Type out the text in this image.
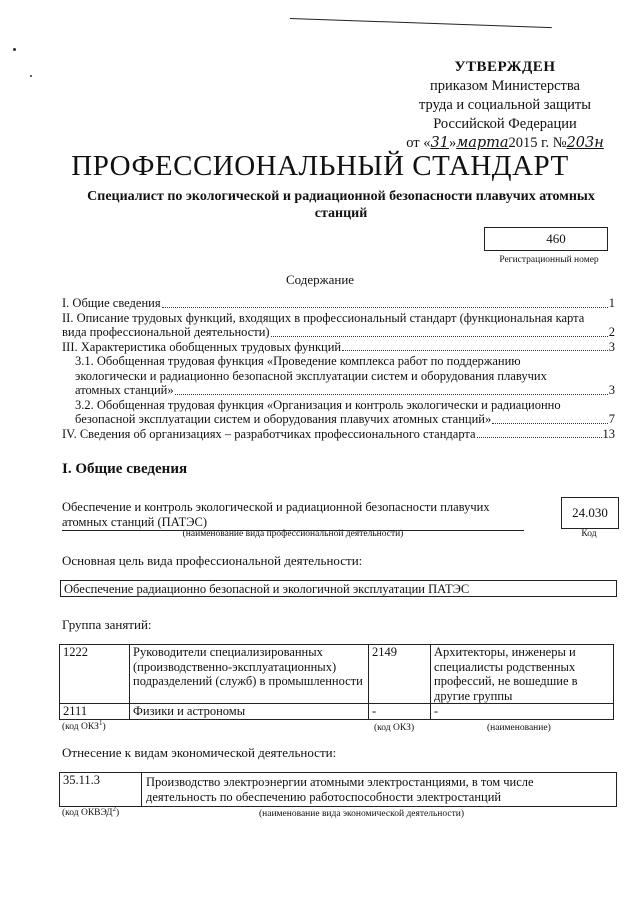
УТВЕРЖДЕН
приказом Министерства
труда и социальной защиты
Российской Федерации
от «31»марта2015 г. №203н
ПРОФЕССИОНАЛЬНЫЙ СТАНДАРТ
Специалист по экологической и радиационной безопасности плавучих атомных станций
460
Регистрационный номер
Содержание
I. Общие сведения	1
II. Описание трудовых функций, входящих в профессиональный стандарт (функциональная карта
вида профессиональной деятельности)	2
III. Характеристика обобщенных трудовых функций	3
3.1. Обобщенная трудовая функция «Проведение комплекса работ по поддержанию
экологически и радиационно безопасной эксплуатации систем и оборудования плавучих
атомных станций»	3
3.2. Обобщенная трудовая функция «Организация и контроль экологически и радиационно
безопасной эксплуатации систем и оборудования плавучих атомных станций»	7
IV. Сведения об организациях – разработчиках профессионального стандарта	13
I. Общие сведения
Обеспечение и контроль экологической и радиационной безопасности плавучих атомных станций (ПАТЭС)
24.030
(наименование вида профессиональной деятельности)	Код
Основная цель вида профессиональной деятельности:
Обеспечение радиационно безопасной и экологичной эксплуатации ПАТЭС
Группа занятий:
1222	Руководители специализированных (производственно-эксплуатационных) подразделений (служб) в промышленности	2149	Архитекторы, инженеры и специалисты родственных профессий, не вошедшие в другие группы
2111	Физики и астрономы	-	-
(код ОКЗ$^1$)	(код ОКЗ)	(наименование)
Отнесение к видам экономической деятельности:
35.11.3	Производство электроэнергии атомными электростанциями, в том числе деятельность по обеспечению работоспособности электростанций
(код ОКВЭД$^2$)	(наименование вида экономической деятельности)
